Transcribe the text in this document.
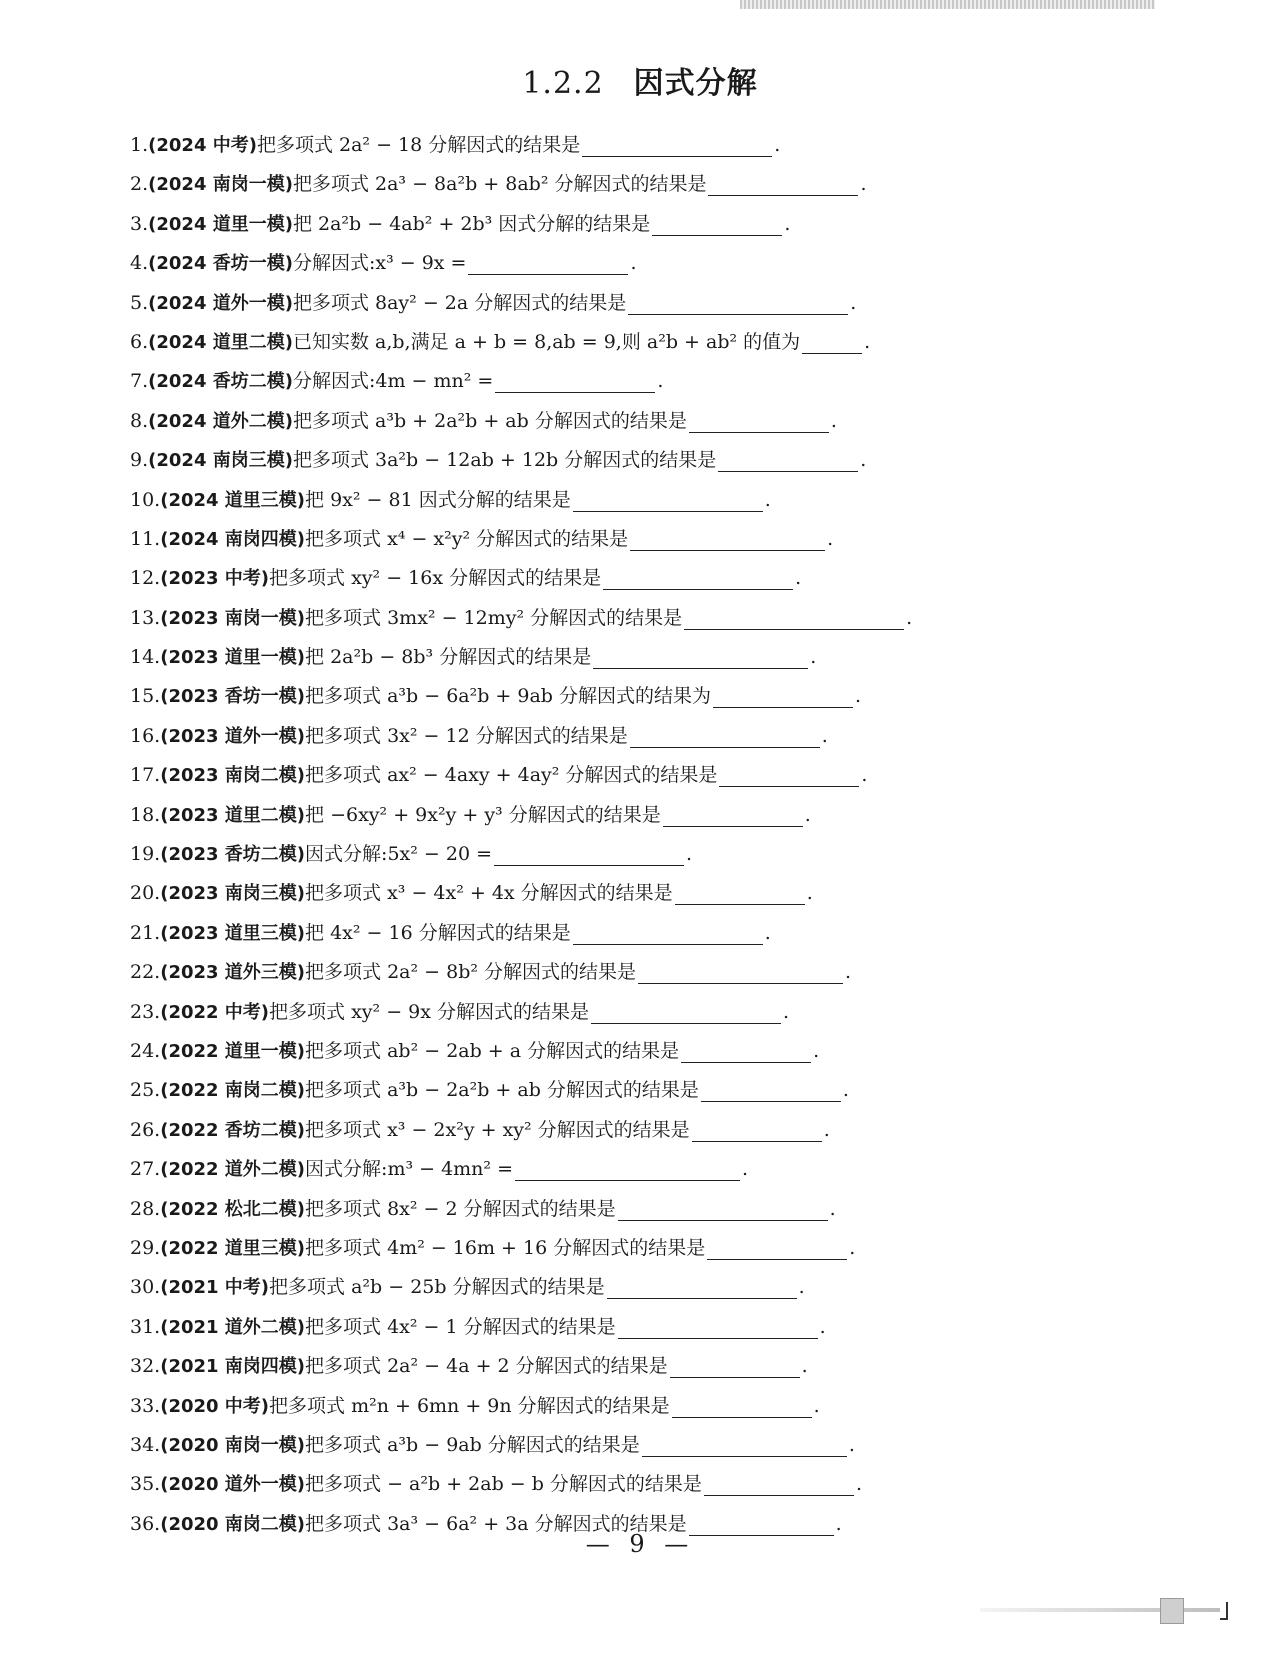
1.2.2 因式分解
1.(2024 中考)把多项式 2a² − 18 分解因式的结果是	.
2.(2024 南岗一模)把多项式 2a³ − 8a²b + 8ab² 分解因式的结果是	.
3.(2024 道里一模)把 2a²b − 4ab² + 2b³ 因式分解的结果是	.
4.(2024 香坊一模)分解因式:x³ − 9x =	.
5.(2024 道外一模)把多项式 8ay² − 2a 分解因式的结果是	.
6.(2024 道里二模)已知实数 a,b,满足 a + b = 8,ab = 9,则 a²b + ab² 的值为	.
7.(2024 香坊二模)分解因式:4m − mn² =	.
8.(2024 道外二模)把多项式 a³b + 2a²b + ab 分解因式的结果是	.
9.(2024 南岗三模)把多项式 3a²b − 12ab + 12b 分解因式的结果是	.
10.(2024 道里三模)把 9x² − 81 因式分解的结果是	.
11.(2024 南岗四模)把多项式 x⁴ − x²y² 分解因式的结果是	.
12.(2023 中考)把多项式 xy² − 16x 分解因式的结果是	.
13.(2023 南岗一模)把多项式 3mx² − 12my² 分解因式的结果是	.
14.(2023 道里一模)把 2a²b − 8b³ 分解因式的结果是	.
15.(2023 香坊一模)把多项式 a³b − 6a²b + 9ab 分解因式的结果为	.
16.(2023 道外一模)把多项式 3x² − 12 分解因式的结果是	.
17.(2023 南岗二模)把多项式 ax² − 4axy + 4ay² 分解因式的结果是	.
18.(2023 道里二模)把 −6xy² + 9x²y + y³ 分解因式的结果是	.
19.(2023 香坊二模)因式分解:5x² − 20 =	.
20.(2023 南岗三模)把多项式 x³ − 4x² + 4x 分解因式的结果是	.
21.(2023 道里三模)把 4x² − 16 分解因式的结果是	.
22.(2023 道外三模)把多项式 2a² − 8b² 分解因式的结果是	.
23.(2022 中考)把多项式 xy² − 9x 分解因式的结果是	.
24.(2022 道里一模)把多项式 ab² − 2ab + a 分解因式的结果是	.
25.(2022 南岗二模)把多项式 a³b − 2a²b + ab 分解因式的结果是	.
26.(2022 香坊二模)把多项式 x³ − 2x²y + xy² 分解因式的结果是	.
27.(2022 道外二模)因式分解:m³ − 4mn² =	.
28.(2022 松北二模)把多项式 8x² − 2 分解因式的结果是	.
29.(2022 道里三模)把多项式 4m² − 16m + 16 分解因式的结果是	.
30.(2021 中考)把多项式 a²b − 25b 分解因式的结果是	.
31.(2021 道外二模)把多项式 4x² − 1 分解因式的结果是	.
32.(2021 南岗四模)把多项式 2a² − 4a + 2 分解因式的结果是	.
33.(2020 中考)把多项式 m²n + 6mn + 9n 分解因式的结果是	.
34.(2020 南岗一模)把多项式 a³b − 9ab 分解因式的结果是	.
35.(2020 道外一模)把多项式 − a²b + 2ab − b 分解因式的结果是	.
36.(2020 南岗二模)把多项式 3a³ − 6a² + 3a 分解因式的结果是	.
— 9 —
